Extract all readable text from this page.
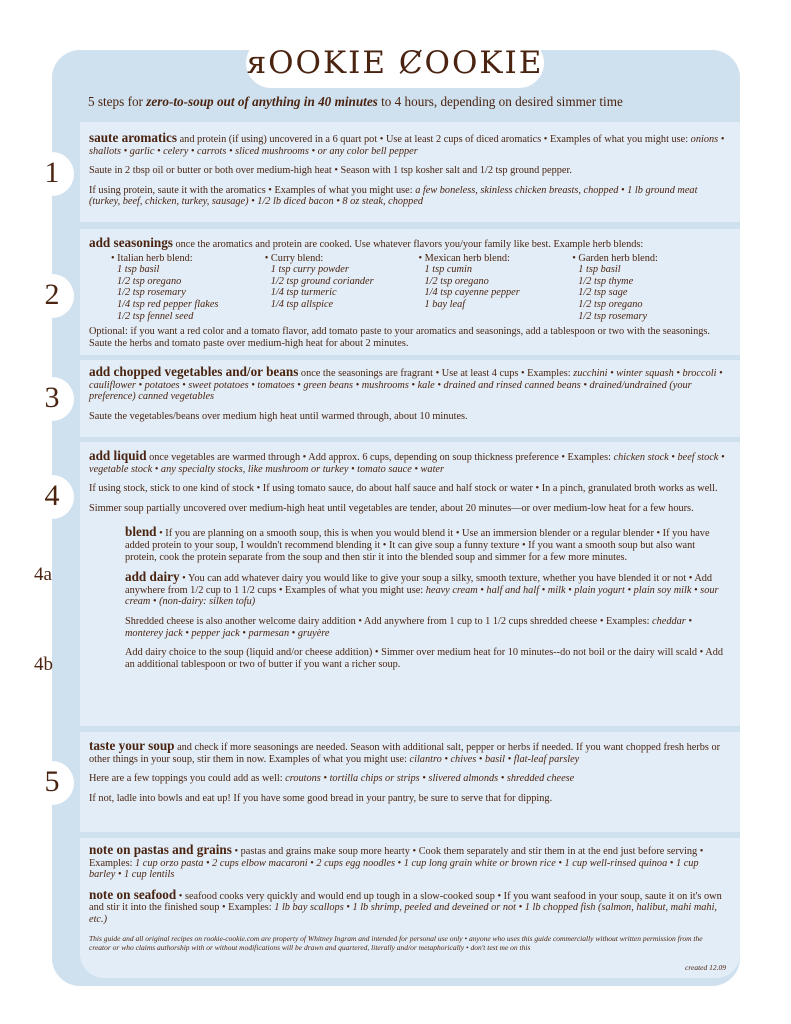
яOOKIE ȻOOKIE
5 steps for zero-to-soup out of anything in 40 minutes to 4 hours, depending on desired simmer time
1

saute aromatics and protein (if using) uncovered in a 6 quart pot • Use at least 2 cups of diced aromatics • Examples of what you might use: onions • shallots • garlic • celery • carrots • sliced mushrooms • or any color bell pepper

Saute in 2 tbsp oil or butter or both over medium-high heat • Season with 1 tsp kosher salt and 1/2 tsp ground pepper.

If using protein, saute it with the aromatics • Examples of what you might use: a few boneless, skinless chicken breasts, chopped • 1 lb ground meat (turkey, beef, chicken, turkey, sausage) • 1/2 lb diced bacon • 8 oz steak, chopped

2

add seasonings once the aromatics and protein are cooked. Use whatever flavors you/your family like best. Example herb blends:

• Italian herb blend:
1 tsp basil
1/2 tsp oregano
1/2 tsp rosemary
1/4 tsp red pepper flakes
1/2 tsp fennel seed
• Curry blend:
1 tsp curry powder
1/2 tsp ground coriander
1/4 tsp turmeric
1/4 tsp allspice
• Mexican herb blend:
1 tsp cumin
1/2 tsp oregano
1/4 tsp cayenne pepper
1 bay leaf
• Garden herb blend:
1 tsp basil
1/2 tsp thyme
1/2 tsp sage
1/2 tsp oregano
1/2 tsp rosemary

Optional: if you want a red color and a tomato flavor, add tomato paste to your aromatics and seasonings, add a tablespoon or two with the seasonings. Saute the herbs and tomato paste over medium-high heat for about 2 minutes.

3

add chopped vegetables and/or beans once the seasonings are fragrant • Use at least 4 cups • Examples: zucchini • winter squash • broccoli • cauliflower • potatoes • sweet potatoes • tomatoes • green beans • mushrooms • kale • drained and rinsed canned beans • drained/undrained (your preference) canned vegetables

Saute the vegetables/beans over medium high heat until warmed through, about 10 minutes.

4
4a
4b

add liquid once vegetables are warmed through • Add approx. 6 cups, depending on soup thickness preference • Examples: chicken stock • beef stock • vegetable stock • any specialty stocks, like mushroom or turkey • tomato sauce • water

If using stock, stick to one kind of stock • If using tomato sauce, do about half sauce and half stock or water • In a pinch, granulated broth works as well.

Simmer soup partially uncovered over medium-high heat until vegetables are tender, about 20 minutes—or over medium-low heat for a few hours.

blend • If you are planning on a smooth soup, this is when you would blend it • Use an immersion blender or a regular blender • If you have added protein to your soup, I wouldn't recommend blending it • It can give soup a funny texture • If you want a smooth soup but also want protein, cook the protein separate from the soup and then stir it into the blended soup and simmer for a few more minutes.

add dairy • You can add whatever dairy you would like to give your soup a silky, smooth texture, whether you have blended it or not • Add anywhere from 1/2 cup to 1 1/2 cups • Examples of what you might use: heavy cream • half and half • milk • plain yogurt • plain soy milk • sour cream • (non-dairy: silken tofu)

Shredded cheese is also another welcome dairy addition • Add anywhere from 1 cup to 1 1/2 cups shredded cheese • Examples: cheddar • monterey jack • pepper jack • parmesan • gruyère

Add dairy choice to the soup (liquid and/or cheese addition) • Simmer over medium heat for 10 minutes--do not boil or the dairy will scald • Add an additional tablespoon or two of butter if you want a richer soup.

5

taste your soup and check if more seasonings are needed. Season with additional salt, pepper or herbs if needed. If you want chopped fresh herbs or other things in your soup, stir them in now. Examples of what you might use: cilantro • chives • basil • flat-leaf parsley

Here are a few toppings you could add as well: croutons • tortilla chips or strips • slivered almonds • shredded cheese

If not, ladle into bowls and eat up! If you have some good bread in your pantry, be sure to serve that for dipping.

note on pastas and grains • pastas and grains make soup more hearty • Cook them separately and stir them in at the end just before serving • Examples: 1 cup orzo pasta • 2 cups elbow macaroni • 2 cups egg noodles • 1 cup long grain white or brown rice • 1 cup well-rinsed quinoa • 1 cup barley • 1 cup lentils

note on seafood • seafood cooks very quickly and would end up tough in a slow-cooked soup • If you want seafood in your soup, saute it on it's own and stir it into the finished soup • Examples: 1 lb bay scallops • 1 lb shrimp, peeled and deveined or not • 1 lb chopped fish (salmon, halibut, mahi mahi, etc.)

This guide and all original recipes on rookie-cookie.com are property of Whitney Ingram and intended for personal use only • anyone who uses this guide commercially without written permission from the creator or who claims authorship with or without modifications will be drawn and quartered, literally and/or metaphorically • don't test me on this
created 12.09
